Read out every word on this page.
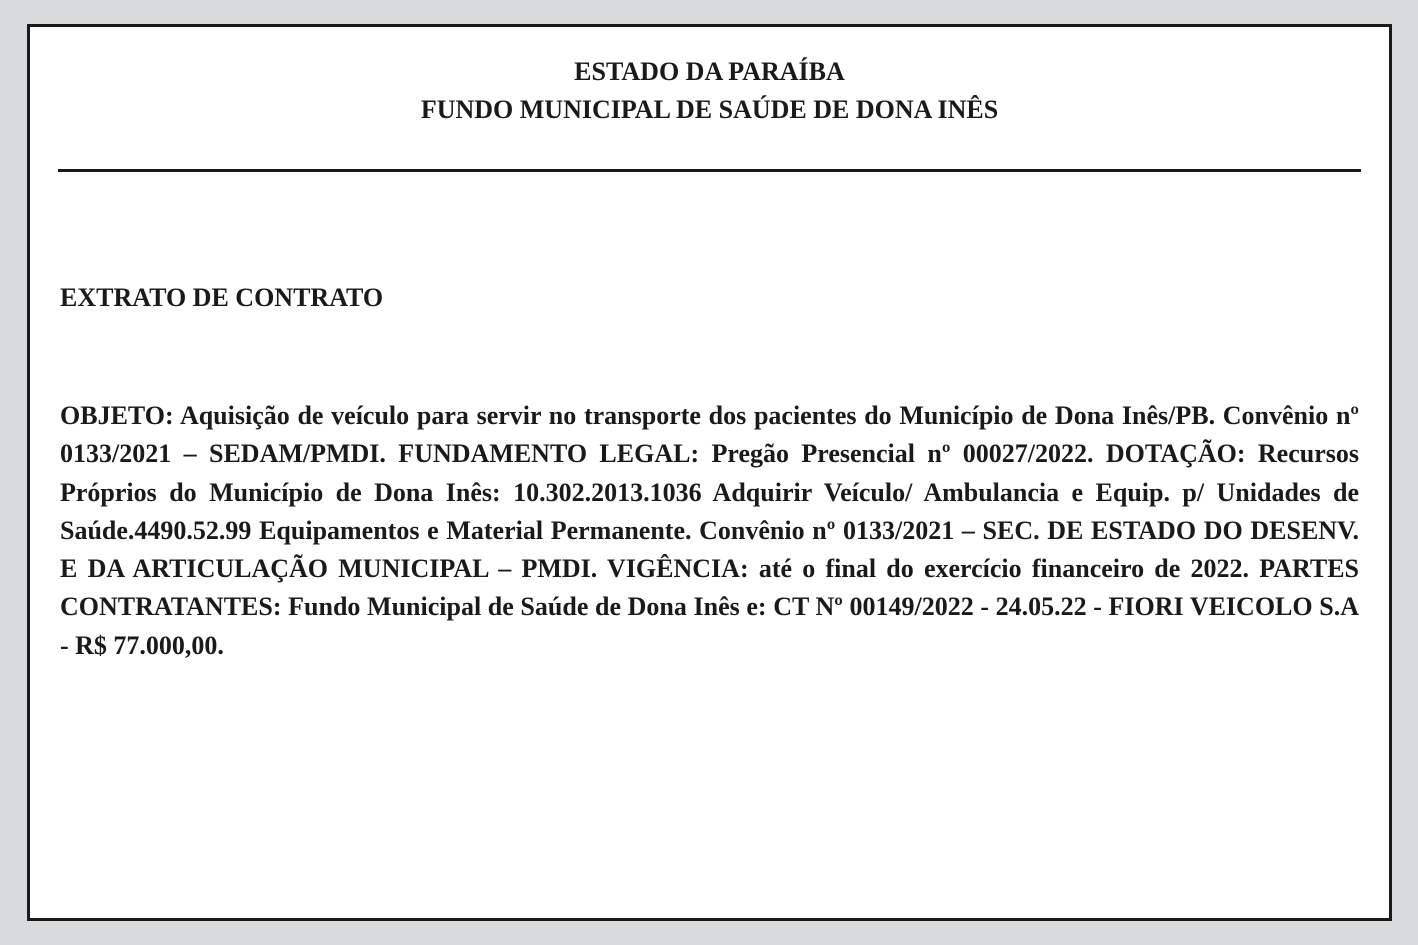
ESTADO DA PARAÍBA
FUNDO MUNICIPAL DE SAÚDE DE DONA INÊS
EXTRATO DE CONTRATO

OBJETO: Aquisição de veículo para servir no transporte dos pacientes do Município de Dona Inês/PB. Convênio nº 0133/2021 – SEDAM/PMDI. FUNDAMENTO LEGAL: Pregão Presencial nº 00027/2022. DOTAÇÃO: Recursos Próprios do Município de Dona Inês: 10.302.2013.1036 Adquirir Veículo/ Ambulancia e Equip. p/ Unidades de Saúde.4490.52.99 Equipamentos e Material Permanente. Convênio nº 0133/2021 – SEC. DE ESTADO DO DESENV. E DA ARTICULAÇÃO MUNICIPAL – PMDI. VIGÊNCIA: até o final do exercício financeiro de 2022. PARTES CONTRATANTES: Fundo Municipal de Saúde de Dona Inês e: CT Nº 00149/2022 - 24.05.22 - FIORI VEICOLO S.A - R$ 77.000,00.
